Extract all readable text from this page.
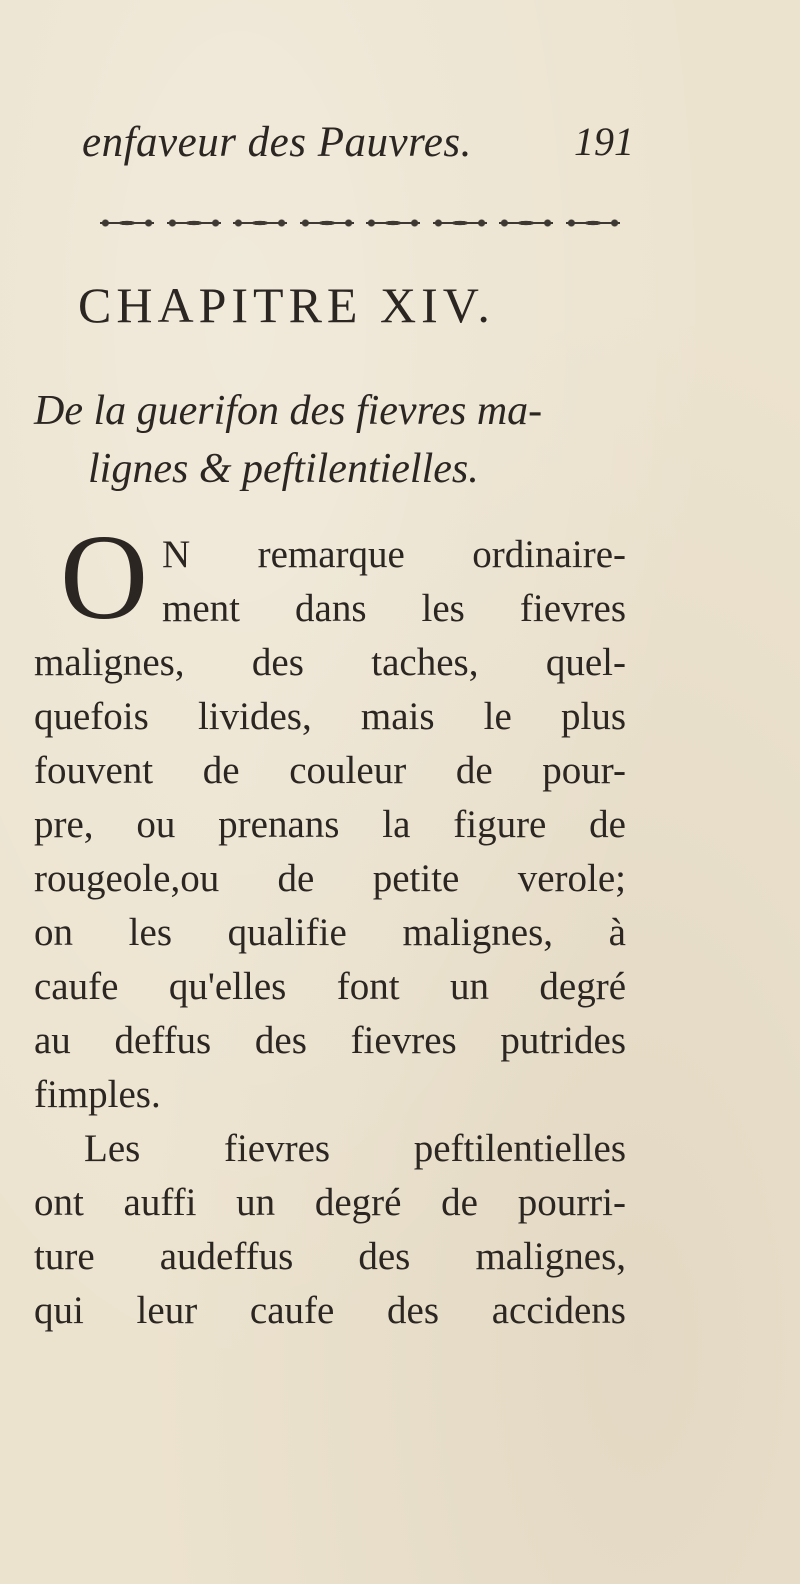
enfaveur des Pauvres.	191
CHAPITRE XIV.
De la guerifon des fievres ma-
lignes & peftilentielles.
O N remarque ordinaire-
ment dans les fievres
malignes, des taches, quel-
quefois livides, mais le plus
fouvent de couleur de pour-
pre, ou prenans la figure de
rougeole,ou de petite verole;
on les qualifie malignes, à
caufe qu'elles font un degré
au deffus des fievres putrides
fimples.
Les fievres peftilentielles
ont auffi un degré de pourri-
ture audeffus des malignes,
qui leur caufe des accidens
